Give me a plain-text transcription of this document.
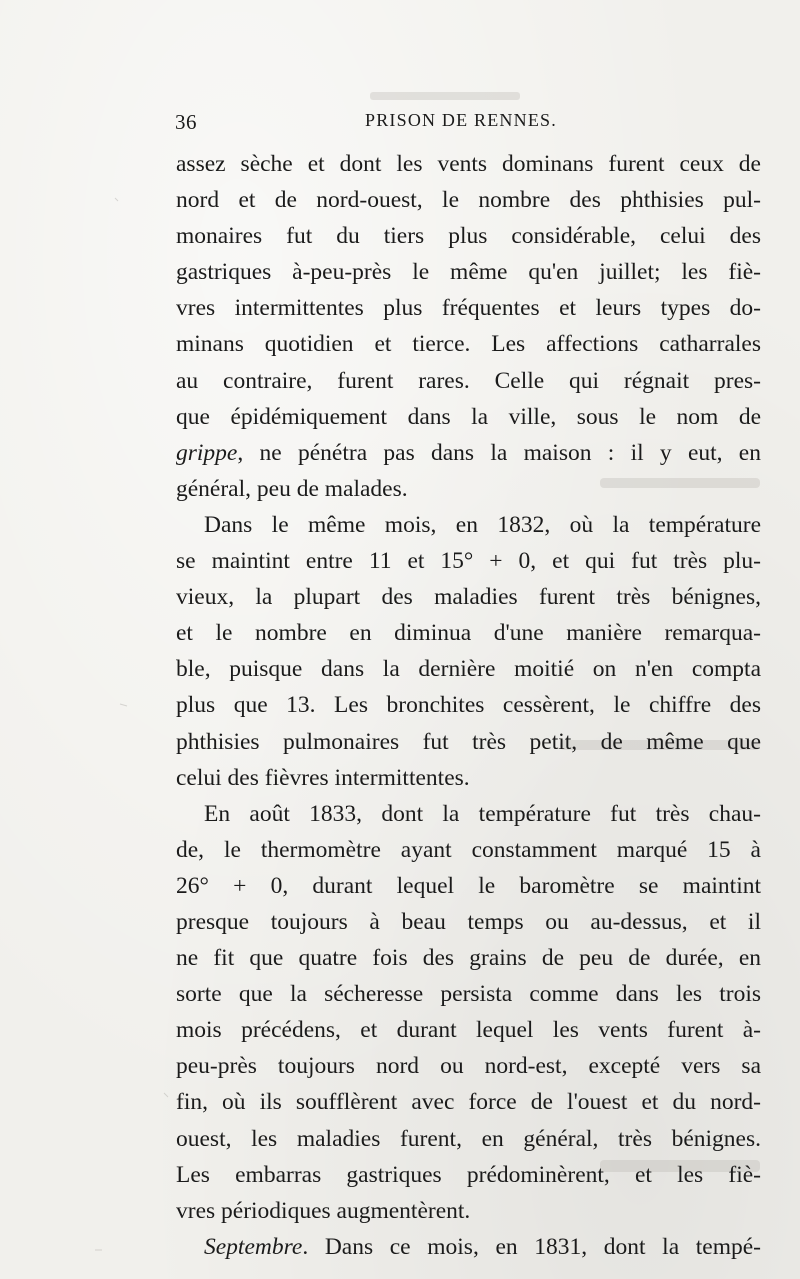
36	PRISON DE RENNES.
assez sèche et dont les vents dominans furent ceux de
nord et de nord-ouest, le nombre des phthisies pul-
monaires fut du tiers plus considérable, celui des
gastriques à-peu-près le même qu'en juillet; les fiè-
vres intermittentes plus fréquentes et leurs types do-
minans quotidien et tierce. Les affections catharrales
au contraire, furent rares. Celle qui régnait pres-
que épidémiquement dans la ville, sous le nom de
grippe, ne pénétra pas dans la maison : il y eut, en
général, peu de malades.
Dans le même mois, en 1832, où la température
se maintint entre 11 et 15° + 0, et qui fut très plu-
vieux, la plupart des maladies furent très bénignes,
et le nombre en diminua d'une manière remarqua-
ble, puisque dans la dernière moitié on n'en compta
plus que 13. Les bronchites cessèrent, le chiffre des
phthisies pulmonaires fut très petit, de même que
celui des fièvres intermittentes.
En août 1833, dont la température fut très chau-
de, le thermomètre ayant constamment marqué 15 à
26° + 0, durant lequel le baromètre se maintint
presque toujours à beau temps ou au-dessus, et il
ne fit que quatre fois des grains de peu de durée, en
sorte que la sécheresse persista comme dans les trois
mois précédens, et durant lequel les vents furent à-
peu-près toujours nord ou nord-est, excepté vers sa
fin, où ils soufflèrent avec force de l'ouest et du nord-
ouest, les maladies furent, en général, très bénignes.
Les embarras gastriques prédominèrent, et les fiè-
vres périodiques augmentèrent.
Septembre. Dans ce mois, en 1831, dont la tempé-
